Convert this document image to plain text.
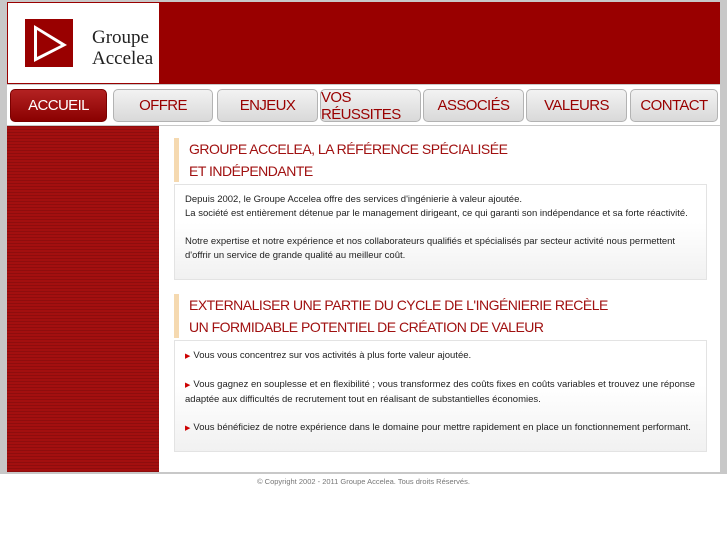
Groupe
Accelea
ACCUEIL	OFFRE	ENJEUX	VOS RÉUSSITES	ASSOCIÉS	VALEURS	CONTACT
GROUPE ACCELEA, LA RÉFÉRENCE SPÉCIALISÉE
ET INDÉPENDANTE

Depuis 2002, le Groupe Accelea offre des services d'ingénierie à valeur ajoutée.

La société est entièrement détenue par le management dirigeant, ce qui garanti son indépendance et sa forte réactivité.

Notre expertise et notre expérience et nos collaborateurs qualifiés et spécialisés par secteur activité nous permettent d'offrir un service de grande qualité au meilleur coût.

EXTERNALISER UNE PARTIE DU CYCLE DE L'INGÉNIERIE RECÈLE
UN FORMIDABLE POTENTIEL DE CRÉATION DE VALEUR

▶ Vous vous concentrez sur vos activités à plus forte valeur ajoutée.

▶ Vous gagnez en souplesse et en flexibilité ; vous transformez des coûts fixes en coûts variables et trouvez une réponse adaptée aux difficultés de recrutement tout en réalisant de substantielles économies.

▶ Vous bénéficiez de notre expérience dans le domaine pour mettre rapidement en place un fonctionnement performant.

© Copyright 2002 - 2011 Groupe Accelea. Tous droits Réservés.
